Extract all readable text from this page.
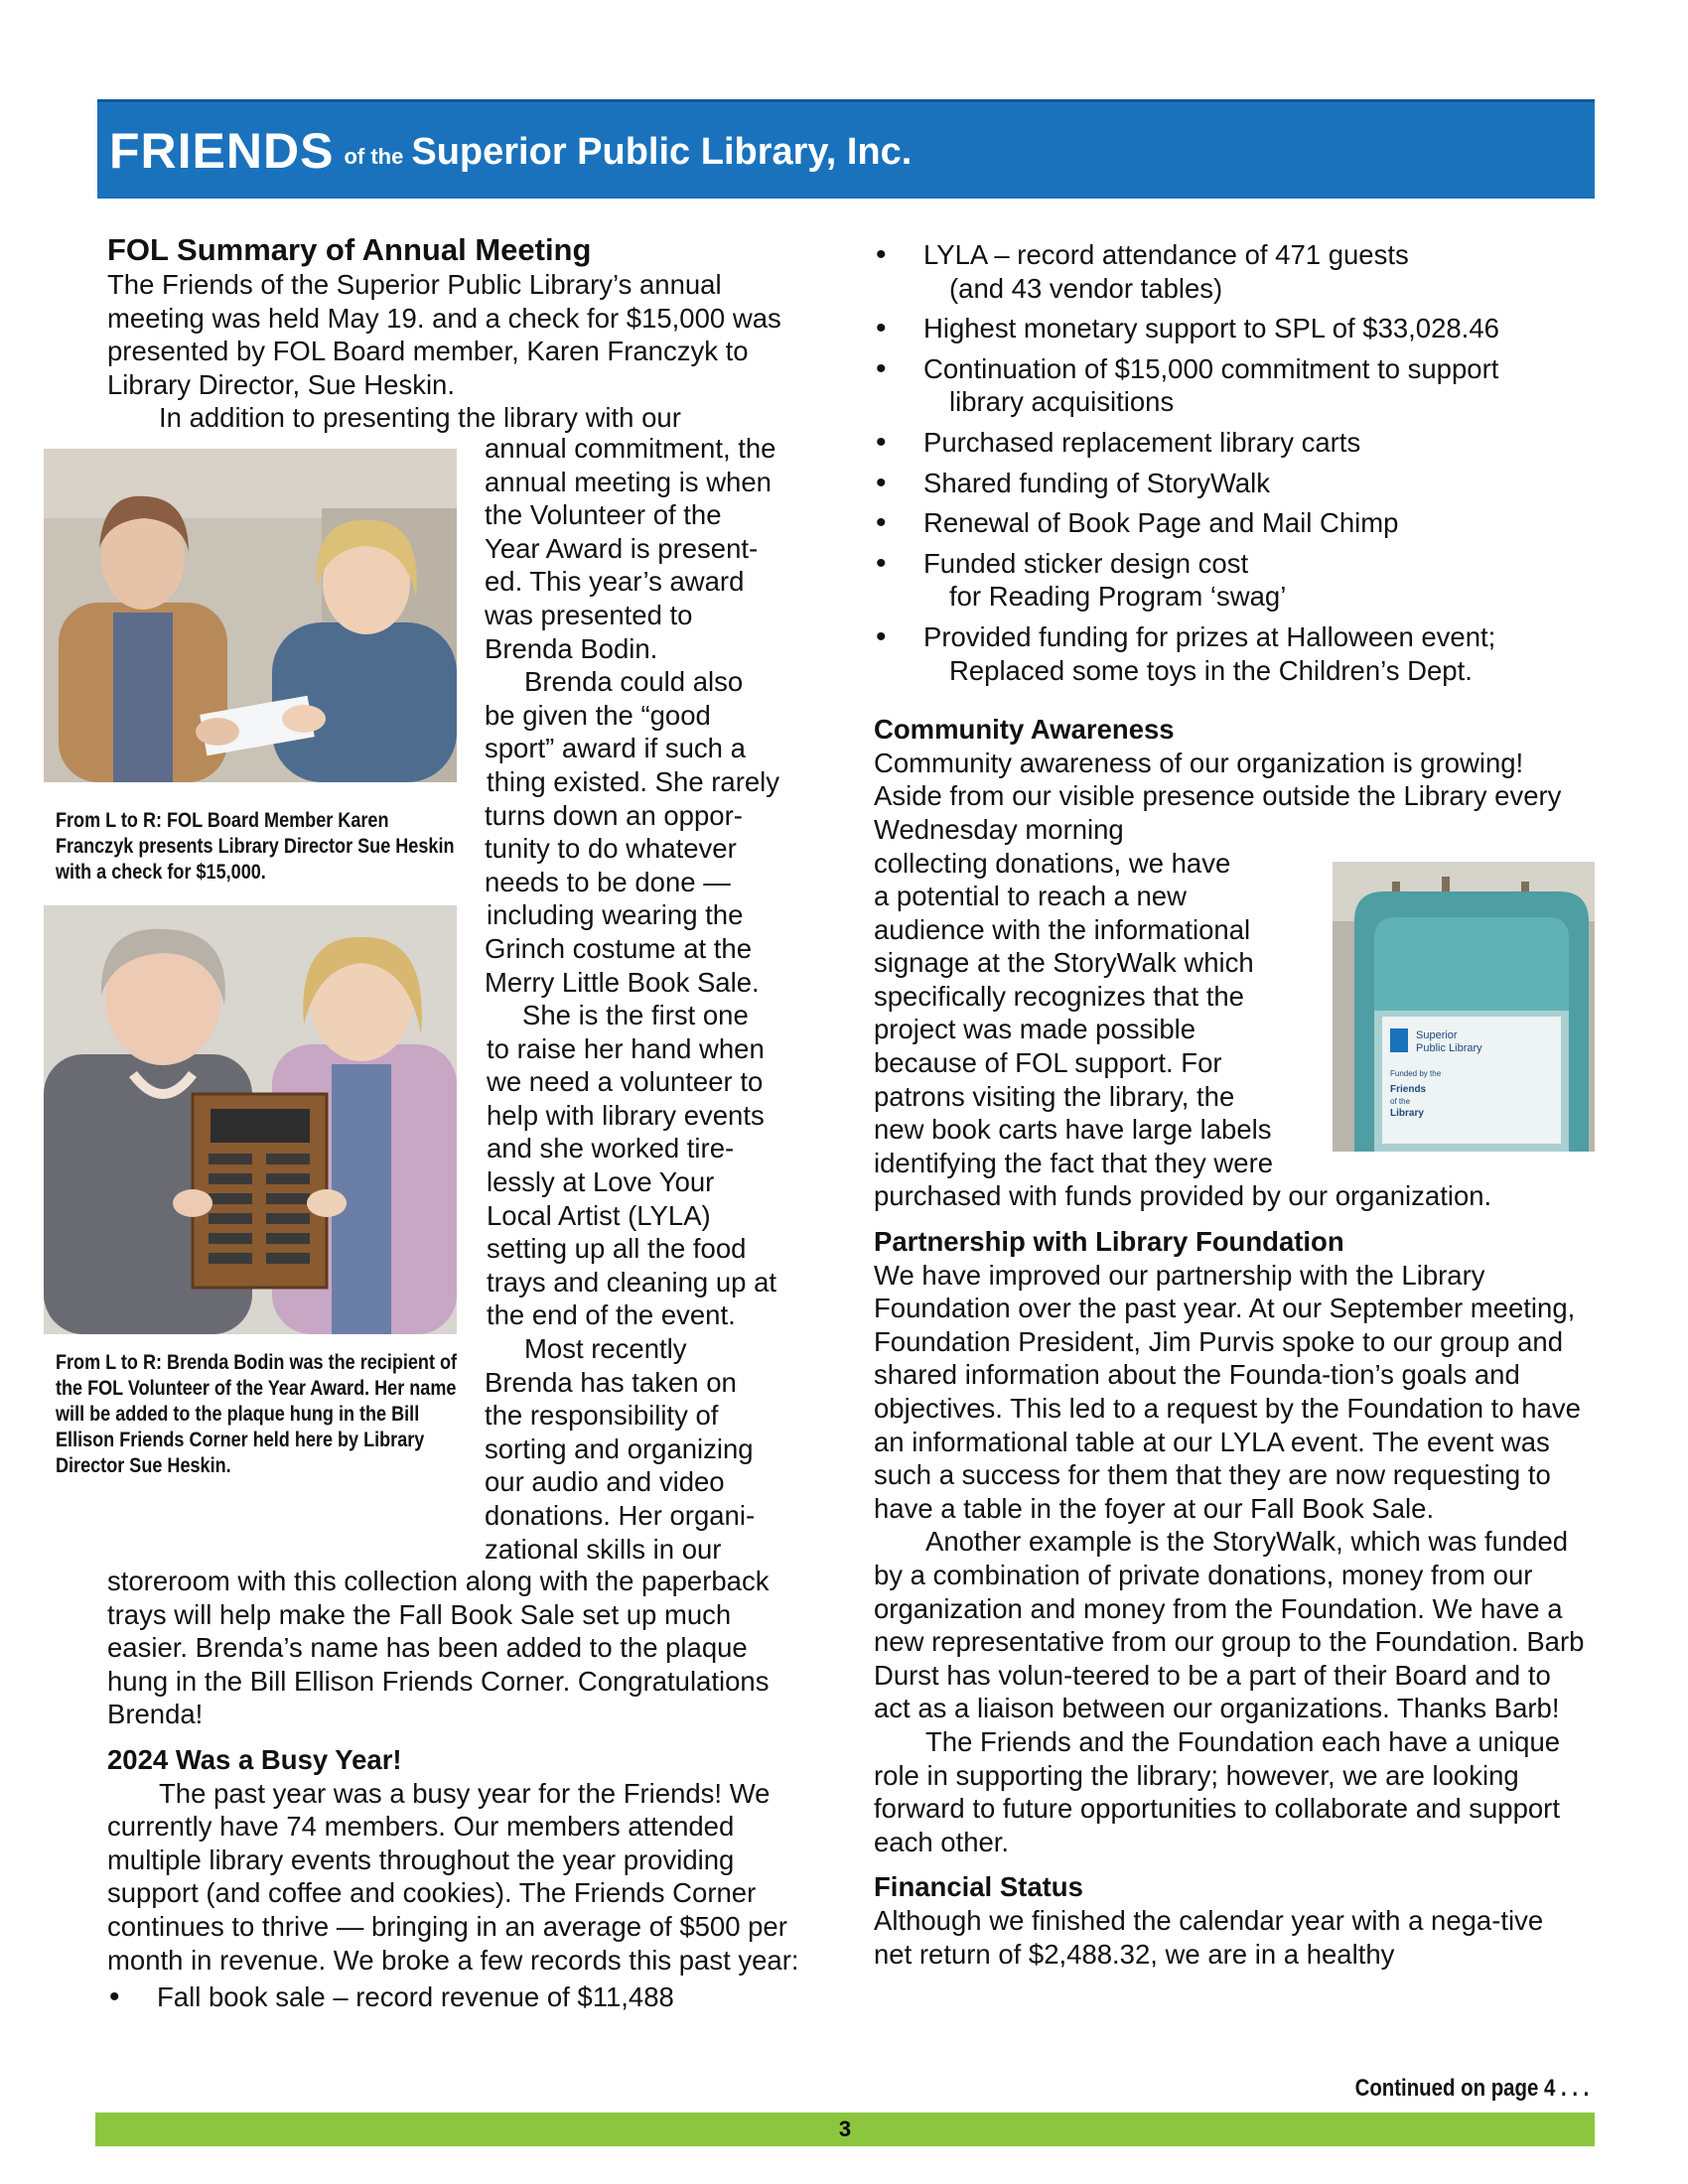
FRIENDS of the Superior Public Library, Inc.

FOL Summary of Annual Meeting

The Friends of the Superior Public Library’s annual meeting was held May 19. and a check for $15,000 was presented by FOL Board member, Karen Franczyk to Library Director, Sue Heskin.

In addition to presenting the library with our

From L to R: FOL Board Member Karen Franczyk presents Library Director Sue Heskin with a check for $15,000.
From L to R: Brenda Bodin was the recipient of the FOL Volunteer of the Year Award. Her name will be added to the plaque hung in the Bill Ellison Friends Corner held here by Library Director Sue Heskin.

annual commitment, the

annual meeting is when

the Volunteer of the

Year Award is present-

ed. This year’s award

was presented to

Brenda Bodin.

Brenda could also

be given the “good

sport” award if such a

thing existed. She rarely

turns down an oppor-

tunity to do whatever

needs to be done —

including wearing the

Grinch costume at the

Merry Little Book Sale.

She is the first one

to raise her hand when

we need a volunteer to

help with library events

and she worked tire-

lessly at Love Your

Local Artist (LYLA)

setting up all the food

trays and cleaning up at

the end of the event.

Most recently

Brenda has taken on

the responsibility of

sorting and organizing

our audio and video

donations. Her organi-

zational skills in our

storeroom with this collection along with the paperback trays will help make the Fall Book Sale set up much easier. Brenda’s name has been added to the plaque hung in the Bill Ellison Friends Corner. Congratulations Brenda!

2024 Was a Busy Year!

The past year was a busy year for the Friends! We currently have 74 members. Our members attended multiple library events throughout the year providing support (and coffee and cookies). The Friends Corner continues to thrive — bringing in an average of $500 per month in revenue. We broke a few records this past year:

• Fall book sale – record revenue of $11,488
• LYLA – record attendance of 471 guests
(and 43 vendor tables)
• Highest monetary support to SPL of $33,028.46
• Continuation of $15,000 commitment to support
library acquisitions
• Purchased replacement library carts
• Shared funding of StoryWalk
• Renewal of Book Page and Mail Chimp
• Funded sticker design cost
for Reading Program ‘swag’
• Provided funding for prizes at Halloween event;
Replaced some toys in the Children’s Dept.

Community Awareness

Community awareness of our organization is growing! Aside from our visible presence outside the Library every Wednesday morning

collecting donations, we have

a potential to reach a new

audience with the informational

signage at the StoryWalk which

specifically recognizes that the

project was made possible

because of FOL support. For

patrons visiting the library, the

new book carts have large labels

identifying the fact that they were

purchased with funds provided by our organization.

Partnership with Library Foundation

We have improved our partnership with the Library Foundation over the past year. At our September meeting, Foundation President, Jim Purvis spoke to our group and shared information about the Founda-tion’s goals and objectives. This led to a request by the Foundation to have an informational table at our LYLA event. The event was such a success for them that they are now requesting to have a table in the foyer at our Fall Book Sale.

Another example is the StoryWalk, which was funded by a combination of private donations, money from our organization and money from the Foundation. We have a new representative from our group to the Foundation. Barb Durst has volun-teered to be a part of their Board and to act as a liaison between our organizations. Thanks Barb!

The Friends and the Foundation each have a unique role in supporting the library; however, we are looking forward to future opportunities to collaborate and support each other.

Financial Status

Although we finished the calendar year with a nega-tive net return of $2,488.32, we are in a healthy

Superior
Public Library
Funded by the
Friends
of the
Library
Continued on page 4 . . .
3
